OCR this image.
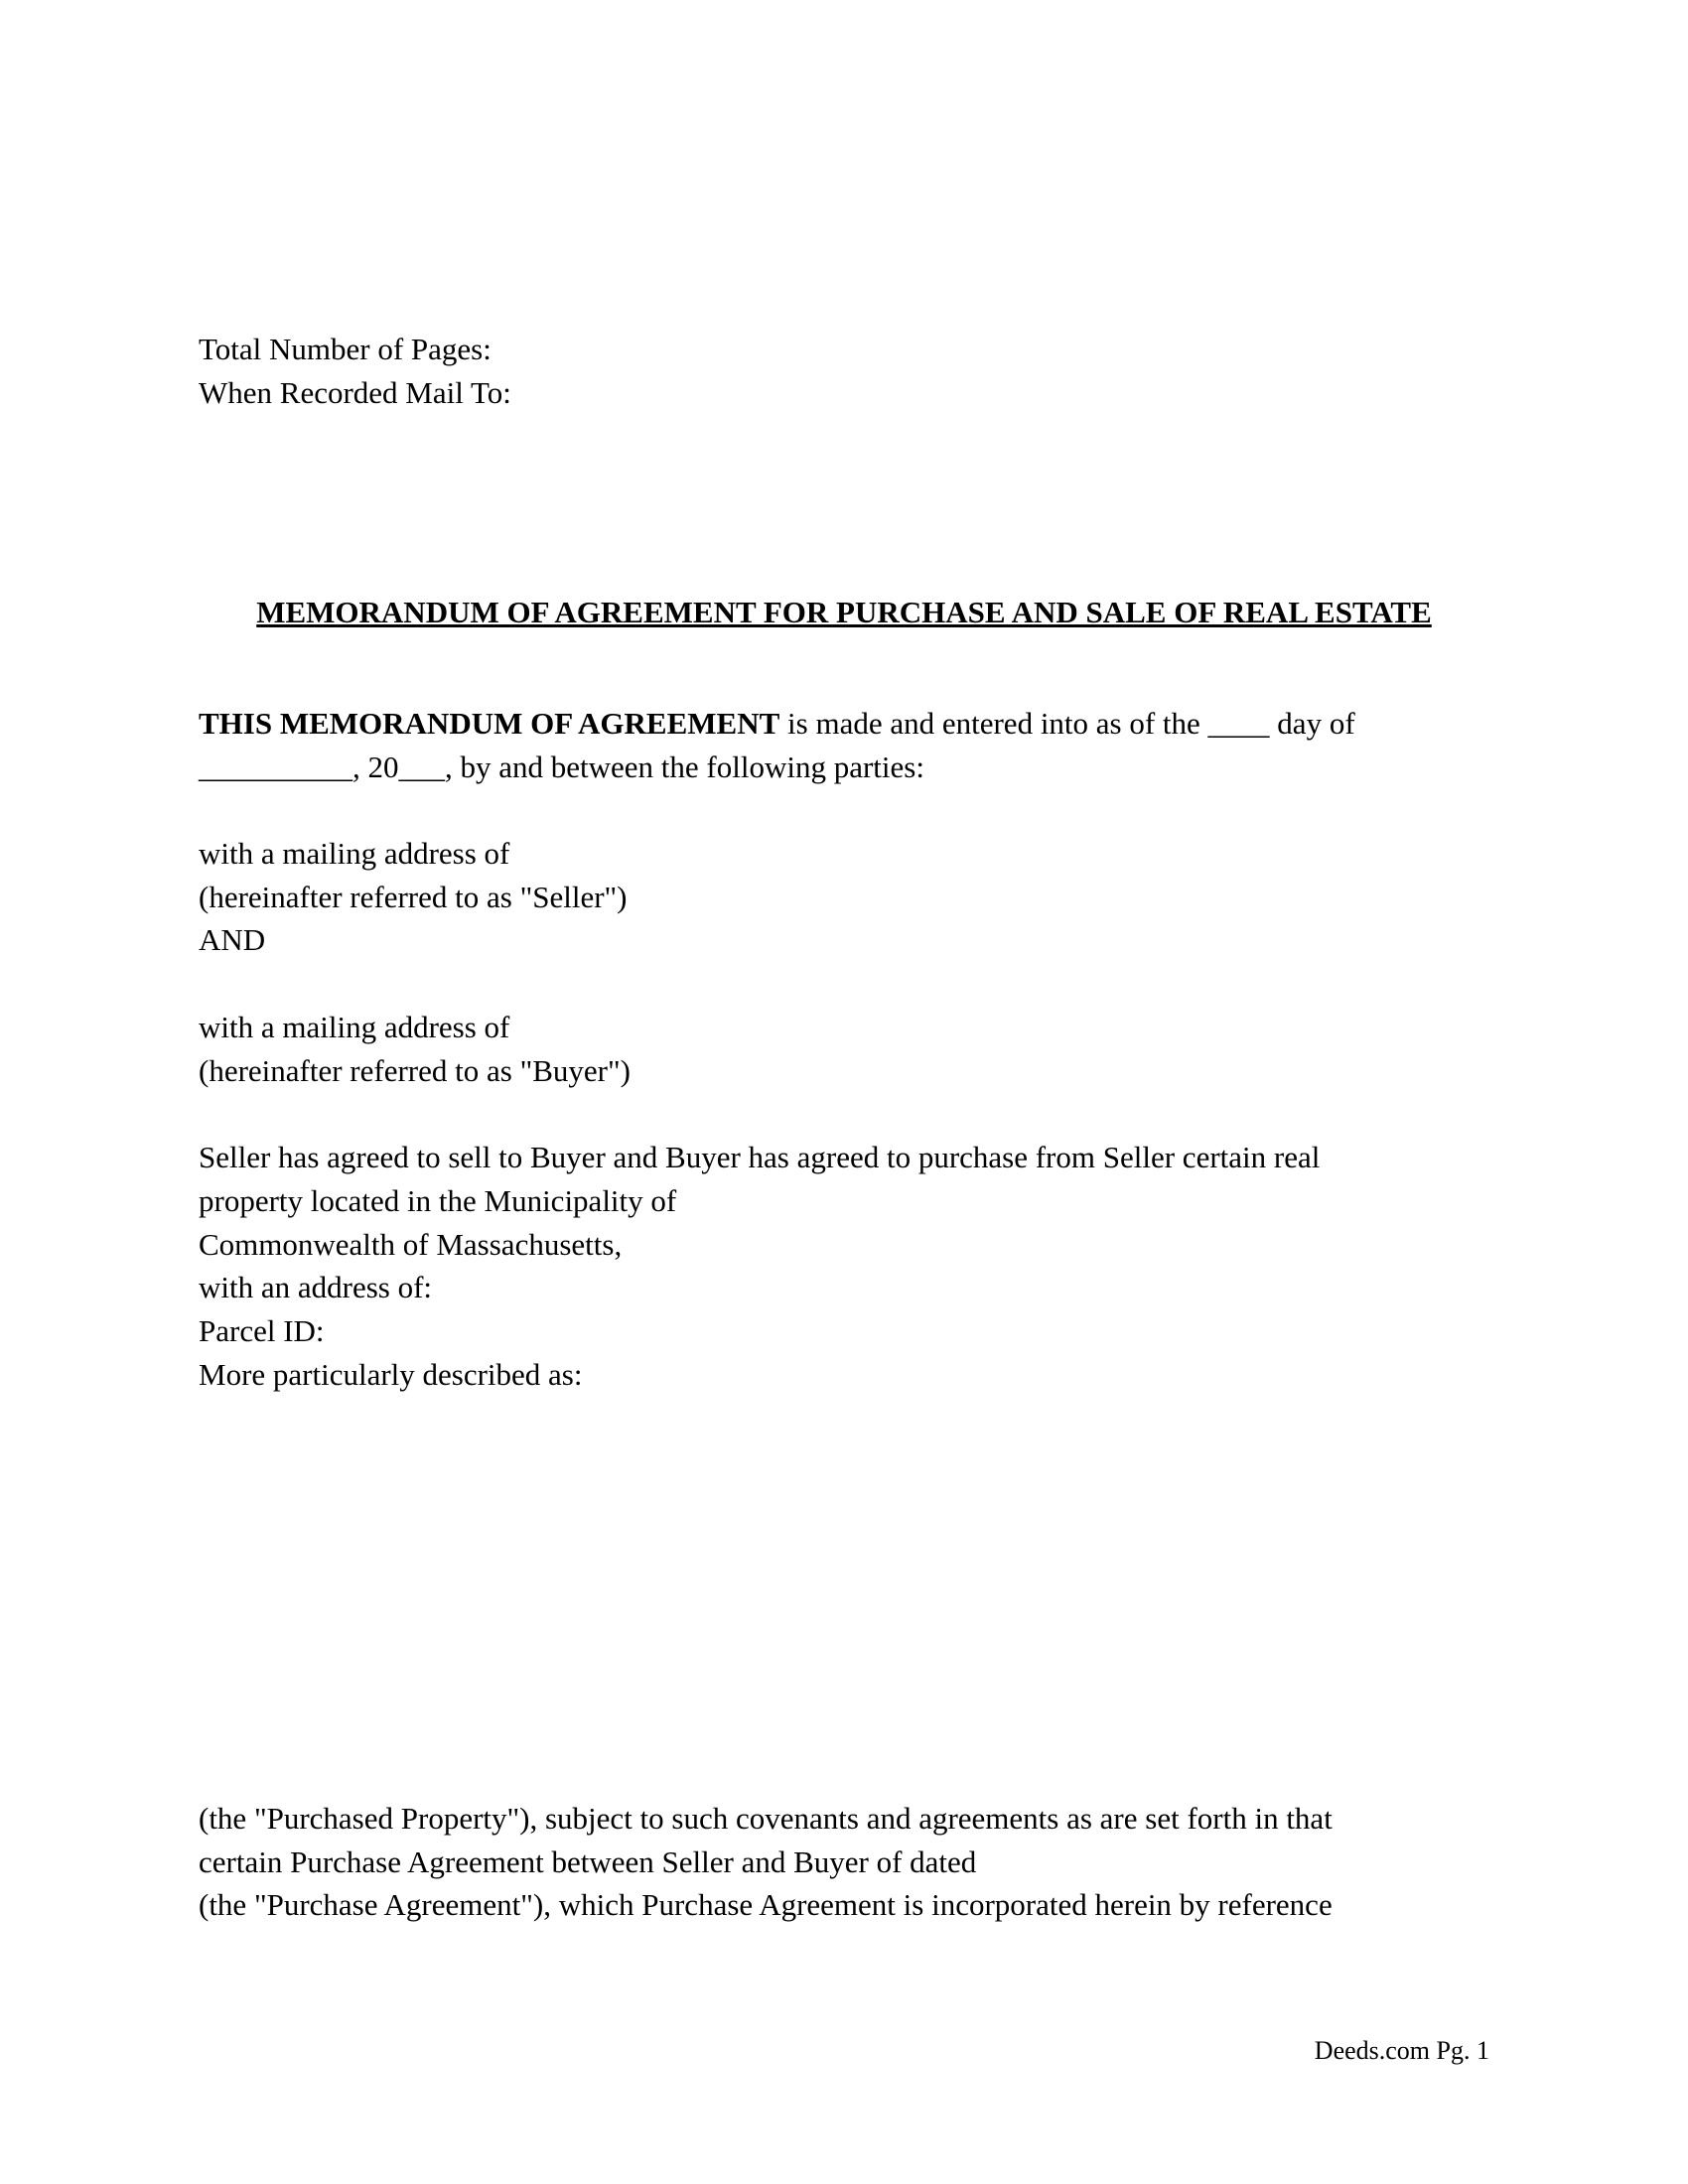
Total Number of Pages:
When Recorded Mail To:
MEMORANDUM OF AGREEMENT FOR PURCHASE AND SALE OF REAL ESTATE
THIS MEMORANDUM OF AGREEMENT is made and entered into as of the ____ day of
__________, 20___, by and between the following parties:
with a mailing address of
(hereinafter referred to as "Seller")
AND
with a mailing address of
(hereinafter referred to as "Buyer")
Seller has agreed to sell to Buyer and Buyer has agreed to purchase from Seller certain real
property located in the Municipality of
Commonwealth of Massachusetts,
with an address of:
Parcel ID:
More particularly described as:
(the "Purchased Property"), subject to such covenants and agreements as are set forth in that
certain Purchase Agreement between Seller and Buyer of dated
(the "Purchase Agreement"), which Purchase Agreement is incorporated herein by reference
Deeds.com Pg. 1
